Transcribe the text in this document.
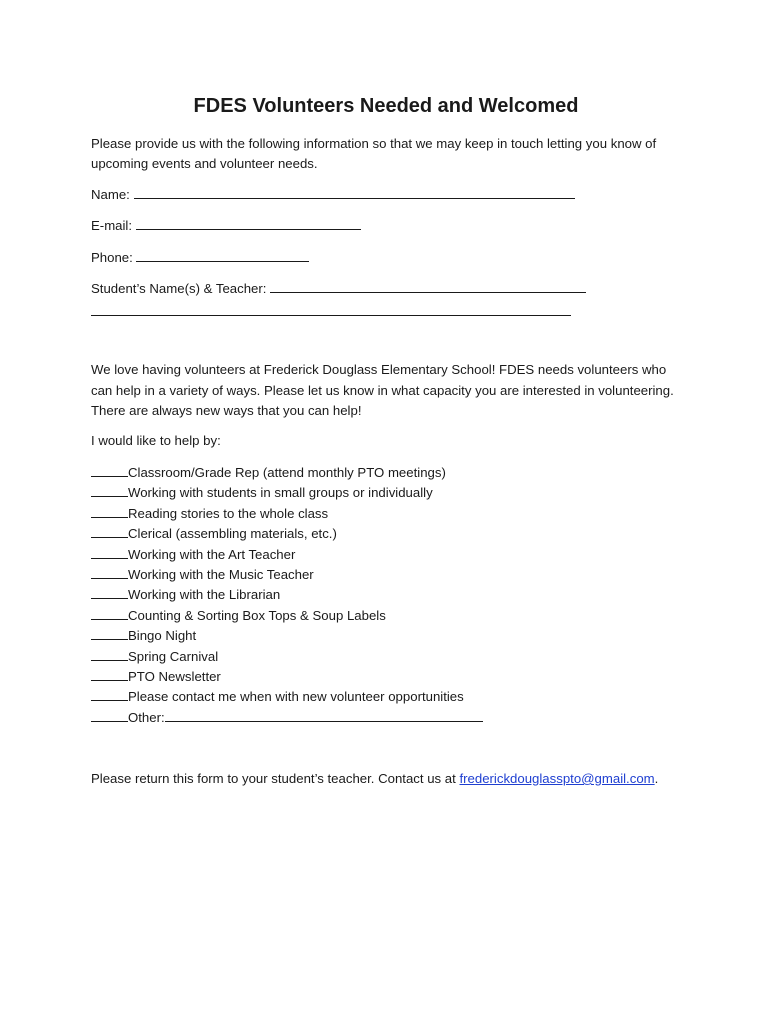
FDES Volunteers Needed and Welcomed

Please provide us with the following information so that we may keep in touch letting you know of upcoming events and volunteer needs.

Name:
E-mail:
Phone:
Student’s Name(s) & Teacher:

We love having volunteers at Frederick Douglass Elementary School! FDES needs volunteers who can help in a variety of ways. Please let us know in what capacity you are interested in volunteering. There are always new ways that you can help!

I would like to help by:

Classroom/Grade Rep (attend monthly PTO meetings)
Working with students in small groups or individually
Reading stories to the whole class
Clerical (assembling materials, etc.)
Working with the Art Teacher
Working with the Music Teacher
Working with the Librarian
Counting & Sorting Box Tops & Soup Labels
Bingo Night
Spring Carnival
PTO Newsletter
Please contact me when with new volunteer opportunities
Other:

Please return this form to your student’s teacher. Contact us at frederickdouglasspto@gmail.com.
